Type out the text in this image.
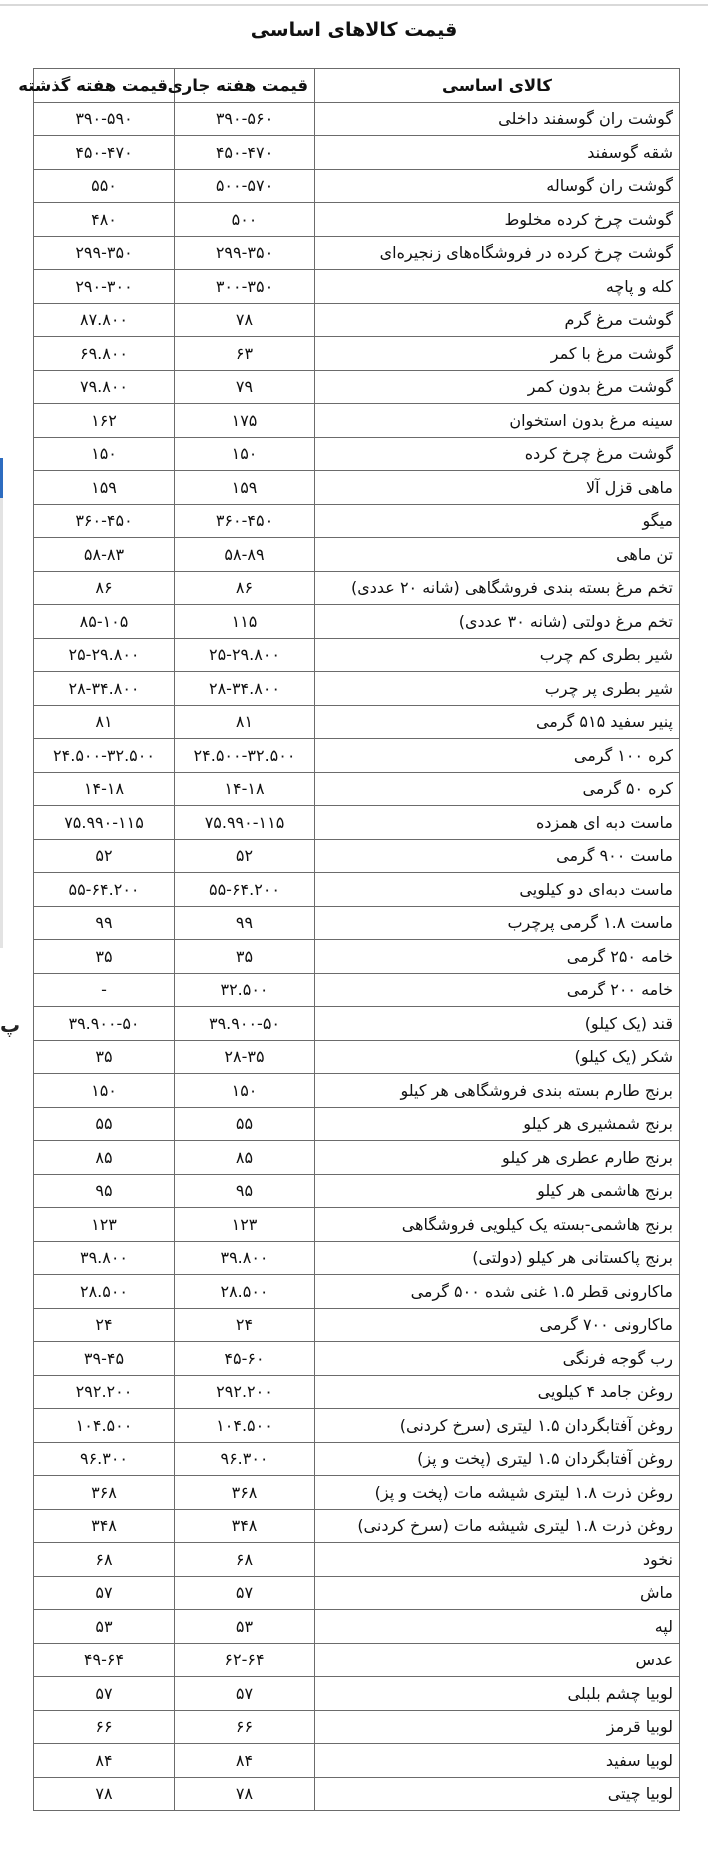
پ
قیمت کالاهای اساسی
کالای اساسی	قیمت هفته جاری	قیمت هفته گذشته
گوشت ران گوسفند داخلی	۳۹۰-۵۶۰	۳۹۰-۵۹۰
شقه گوسفند	۴۵۰-۴۷۰	۴۵۰-۴۷۰
گوشت ران گوساله	۵۰۰-۵۷۰	۵۵۰
گوشت چرخ کرده مخلوط	۵۰۰	۴۸۰
گوشت چرخ کرده در فروشگاه‌های زنجیره‌ای	۲۹۹-۳۵۰	۲۹۹-۳۵۰
کله و پاچه	۳۰۰-۳۵۰	۲۹۰-۳۰۰
گوشت مرغ گرم	۷۸	۸۷.۸۰۰
گوشت مرغ با کمر	۶۳	۶۹.۸۰۰
گوشت مرغ بدون کمر	۷۹	۷۹.۸۰۰
سینه مرغ بدون استخوان	۱۷۵	۱۶۲
گوشت مرغ چرخ کرده	۱۵۰	۱۵۰
ماهی قزل آلا	۱۵۹	۱۵۹
میگو	۳۶۰-۴۵۰	۳۶۰-۴۵۰
تن ماهی	۵۸-۸۹	۵۸-۸۳
تخم مرغ بسته بندی فروشگاهی (شانه ۲۰ عددی)	۸۶	۸۶
تخم مرغ دولتی (شانه ۳۰ عددی)	۱۱۵	۸۵-۱۰۵
شیر بطری کم چرب	۲۵-۲۹.۸۰۰	۲۵-۲۹.۸۰۰
شیر بطری پر چرب	۲۸-۳۴.۸۰۰	۲۸-۳۴.۸۰۰
پنیر سفید ۵۱۵ گرمی	۸۱	۸۱
کره ۱۰۰ گرمی	۲۴.۵۰۰-۳۲.۵۰۰	۲۴.۵۰۰-۳۲.۵۰۰
کره ۵۰ گرمی	۱۴-۱۸	۱۴-۱۸
ماست دبه ای همزده	۷۵.۹۹۰-۱۱۵	۷۵.۹۹۰-۱۱۵
ماست ۹۰۰ گرمی	۵۲	۵۲
ماست دبه‌ای دو کیلویی	۵۵-۶۴.۲۰۰	۵۵-۶۴.۲۰۰
ماست ۱.۸ گرمی پرچرب	۹۹	۹۹
خامه ۲۵۰ گرمی	۳۵	۳۵
خامه ۲۰۰ گرمی	۳۲.۵۰۰	-
قند (یک کیلو)	۳۹.۹۰۰-۵۰	۳۹.۹۰۰-۵۰
شکر (یک کیلو)	۲۸-۳۵	۳۵
برنج طارم بسته بندی فروشگاهی هر کیلو	۱۵۰	۱۵۰
برنج شمشیری هر کیلو	۵۵	۵۵
برنج طارم عطری هر کیلو	۸۵	۸۵
برنج هاشمی هر کیلو	۹۵	۹۵
برنج هاشمی-بسته یک کیلویی فروشگاهی	۱۲۳	۱۲۳
برنج پاکستانی هر کیلو (دولتی)	۳۹.۸۰۰	۳۹.۸۰۰
ماکارونی قطر ۱.۵ غنی شده ۵۰۰ گرمی	۲۸.۵۰۰	۲۸.۵۰۰
ماکارونی ۷۰۰ گرمی	۲۴	۲۴
رب گوجه فرنگی	۴۵-۶۰	۳۹-۴۵
روغن جامد ۴ کیلویی	۲۹۲.۲۰۰	۲۹۲.۲۰۰
روغن آفتابگردان ۱.۵ لیتری (سرخ کردنی)	۱۰۴.۵۰۰	۱۰۴.۵۰۰
روغن آفتابگردان ۱.۵ لیتری (پخت و پز)	۹۶.۳۰۰	۹۶.۳۰۰
روغن ذرت ۱.۸ لیتری شیشه مات (پخت و پز)	۳۶۸	۳۶۸
روغن ذرت ۱.۸ لیتری شیشه مات (سرخ کردنی)	۳۴۸	۳۴۸
نخود	۶۸	۶۸
ماش	۵۷	۵۷
لپه	۵۳	۵۳
عدس	۶۲-۶۴	۴۹-۶۴
لوبیا چشم بلبلی	۵۷	۵۷
لوبیا قرمز	۶۶	۶۶
لوبیا سفید	۸۴	۸۴
لوبیا چیتی	۷۸	۷۸
